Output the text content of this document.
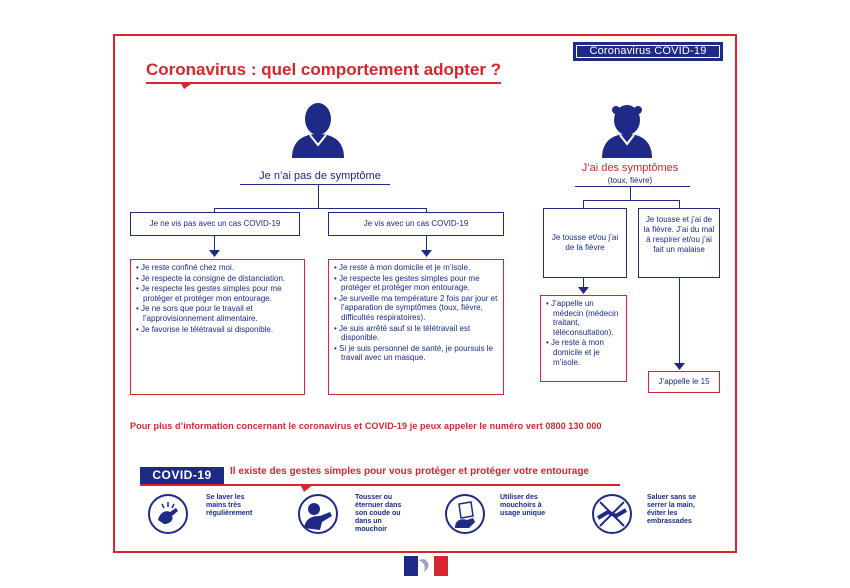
Coronavirus COVID-19
Coronavirus : quel comportement adopter ?
Je n’ai pas de symptôme
Je ne vis pas avec un cas COVID-19	Je vis avec un cas COVID-19
• Je reste confiné chez moi.
• Je respecte la consigne de distanciation.
• Je respecte les gestes simples pour me protéger et protéger mon entourage.
• Je ne sors que pour le travail et l’approvisionnement alimentaire.
• Je favorise le télétravail si disponible.
• Je reste à mon domicile et je m’isole.
• Je respecte les gestes simples pour me protéger et protéger mon entourage.
• Je surveille ma température 2 fois par jour et l’apparation de symptômes (toux, fièvre, difficultés respiratoires).
• Je suis arrêté sauf si le télétravail est disponible.
• Si je suis personnel de santé, je poursuis le travail avec un masque.
J’ai des symptômes
(toux, fièvre)
Je tousse et/ou j’ai de la fièvre
Je tousse et j’ai de la fièvre. J’ai du mal à respirer et/ou j’ai fait un malaise
• J’appelle un médecin (médecin traitant, téléconsultation).
• Je reste à mon domicile et je m’isole.
J’appelle le 15
Pour plus d’information concernant le coronavirus et COVID-19 je peux appeler le numéro vert 0800 130 000
COVID-19	Il existe des gestes simples pour vous protéger et protéger votre entourage
Se laver les mains très régulièrement
Tousser ou éternuer dans son coude ou dans un mouchoir
Utiliser des mouchoirs à usage unique
Saluer sans se serrer la main, éviter les embrassades
